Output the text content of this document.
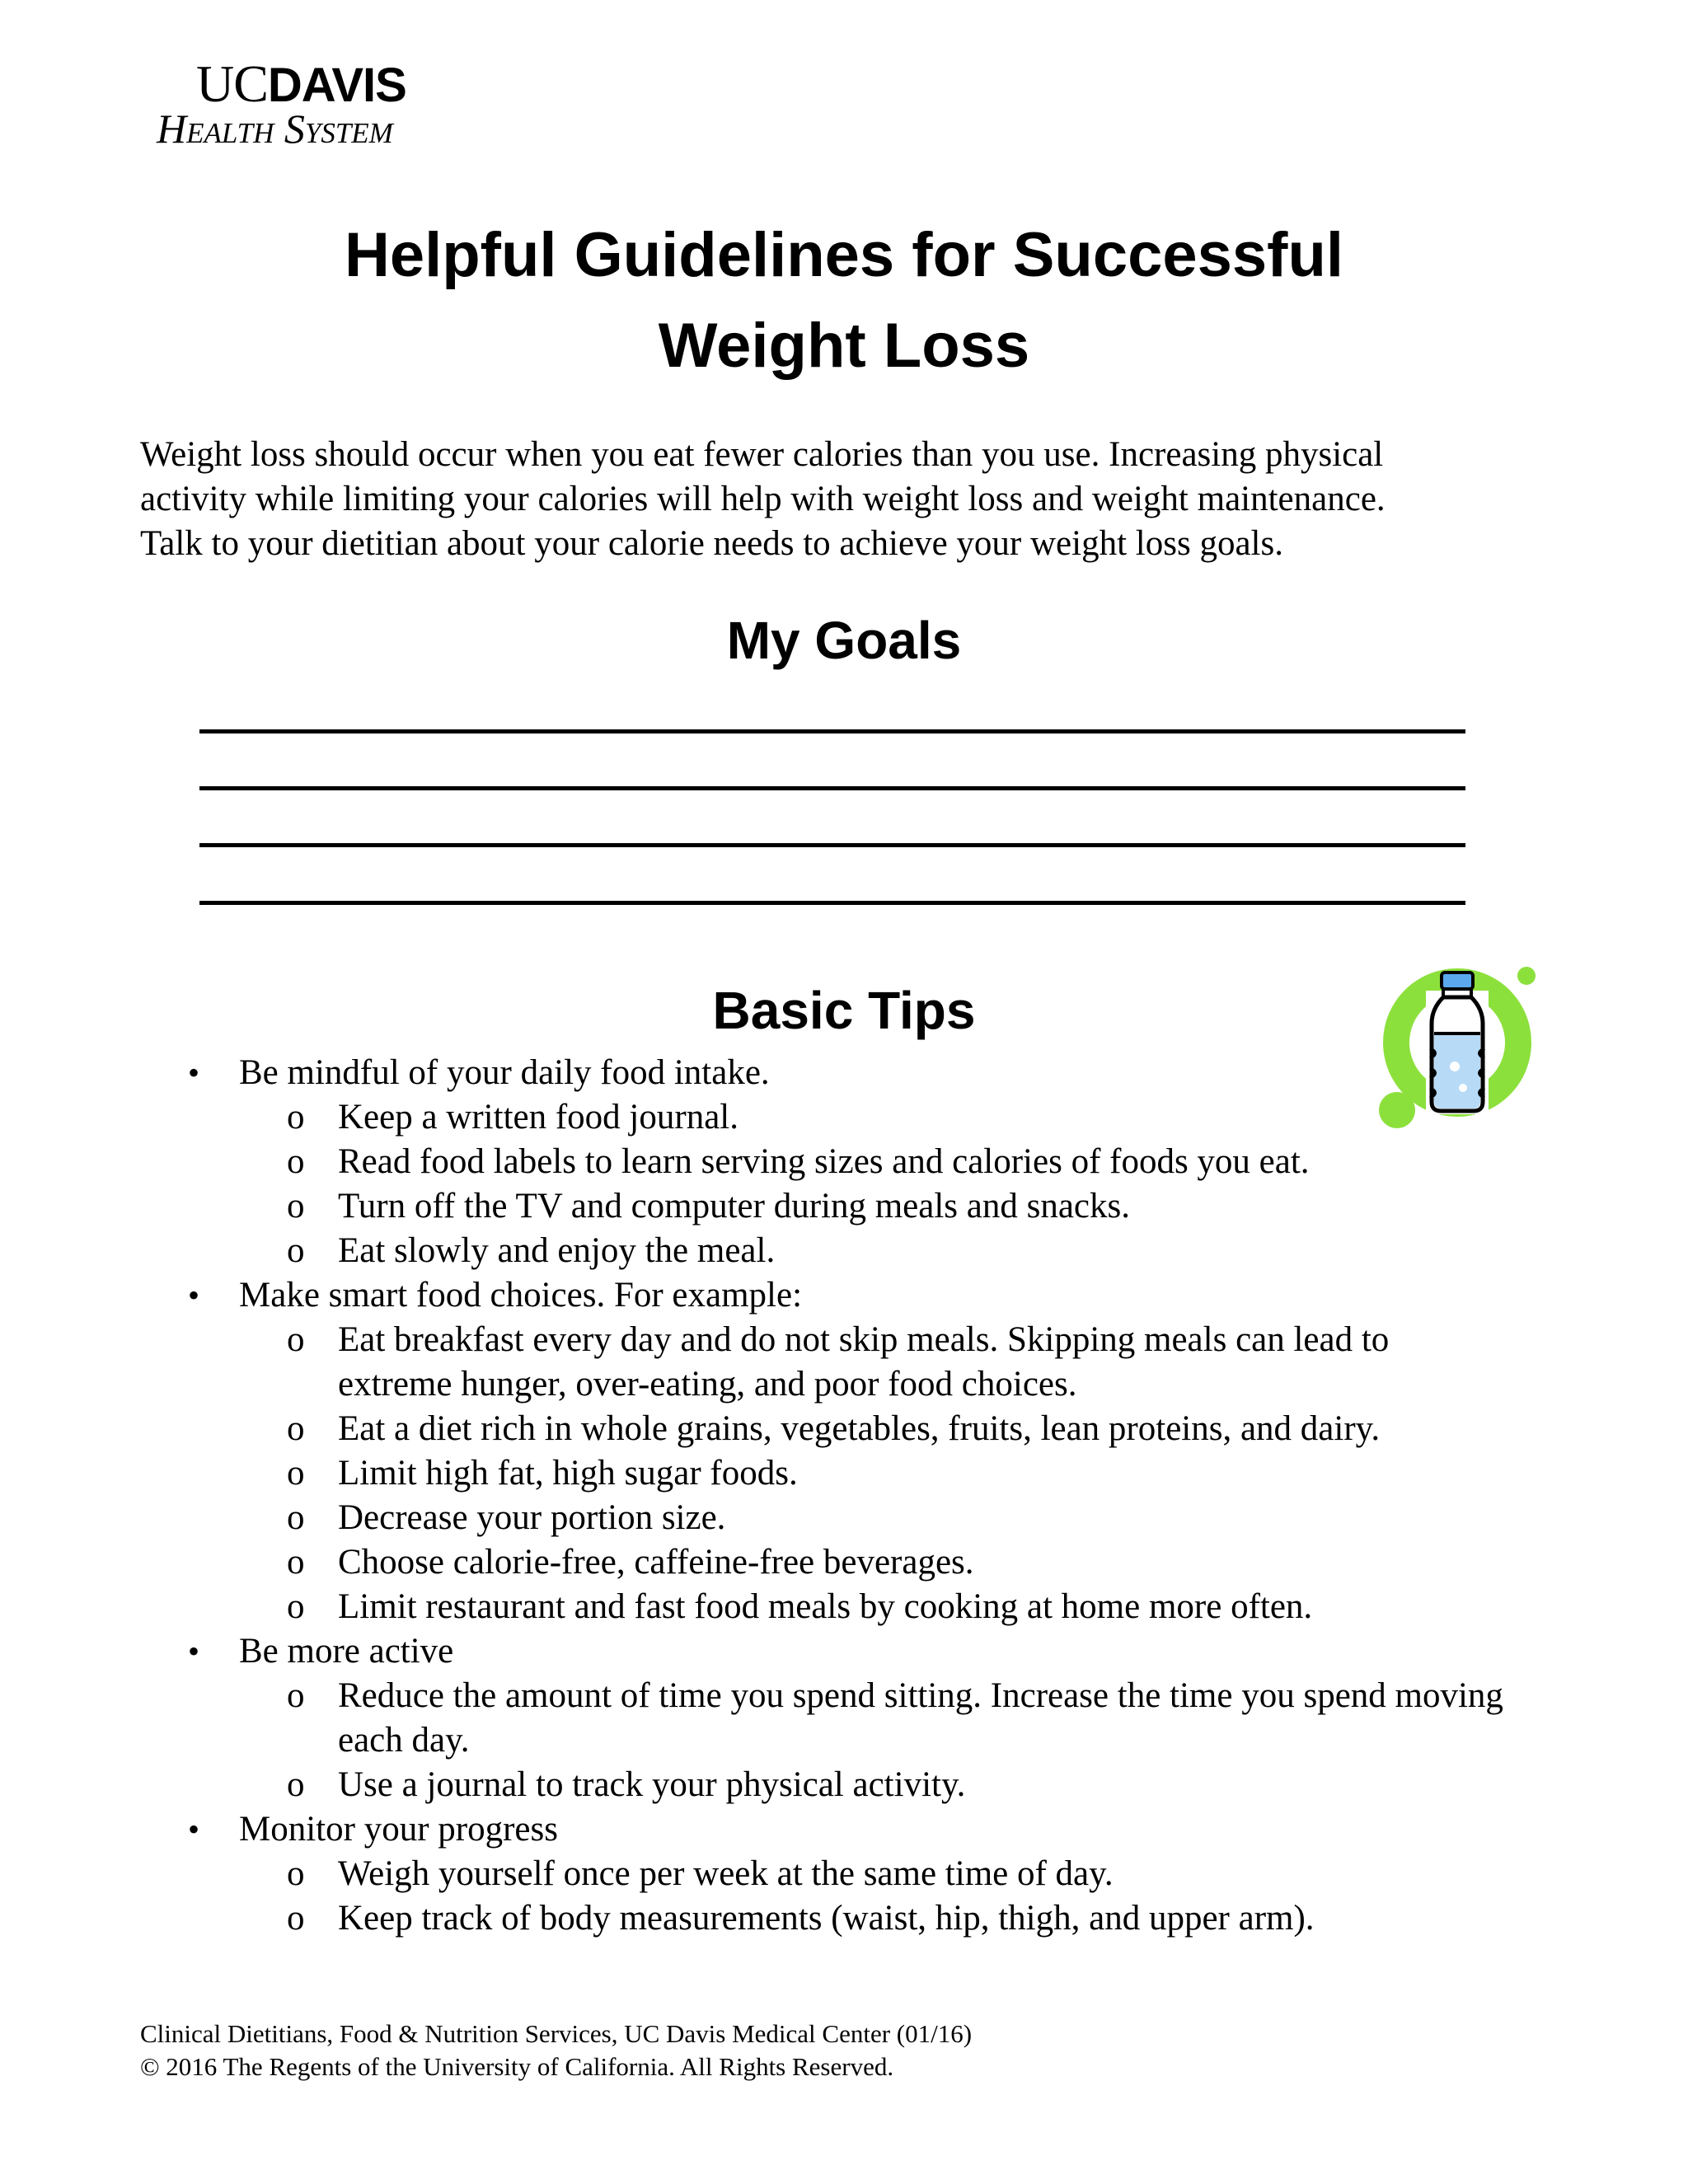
UCDAVIS
Health System
Helpful Guidelines for Successful
Weight Loss

Weight loss should occur when you eat fewer calories than you use. Increasing physical
activity while limiting your calories will help with weight loss and weight maintenance.
Talk to your dietitian about your calorie needs to achieve your weight loss goals.

My Goals
Basic Tips
• Be mindful of your daily food intake.
o Keep a written food journal.
o Read food labels to learn serving sizes and calories of foods you eat.
o Turn off the TV and computer during meals and snacks.
o Eat slowly and enjoy the meal.
• Make smart food choices. For example:
o Eat breakfast every day and do not skip meals. Skipping meals can lead to extreme hunger, over-eating, and poor food choices.
o Eat a diet rich in whole grains, vegetables, fruits, lean proteins, and dairy.
o Limit high fat, high sugar foods.
o Decrease your portion size.
o Choose calorie-free, caffeine-free beverages.
o Limit restaurant and fast food meals by cooking at home more often.
• Be more active
o Reduce the amount of time you spend sitting. Increase the time you spend moving each day.
o Use a journal to track your physical activity.
• Monitor your progress
o Weigh yourself once per week at the same time of day.
o Keep track of body measurements (waist, hip, thigh, and upper arm).
Clinical Dietitians, Food & Nutrition Services, UC Davis Medical Center (01/16)
© 2016 The Regents of the University of California. All Rights Reserved.
